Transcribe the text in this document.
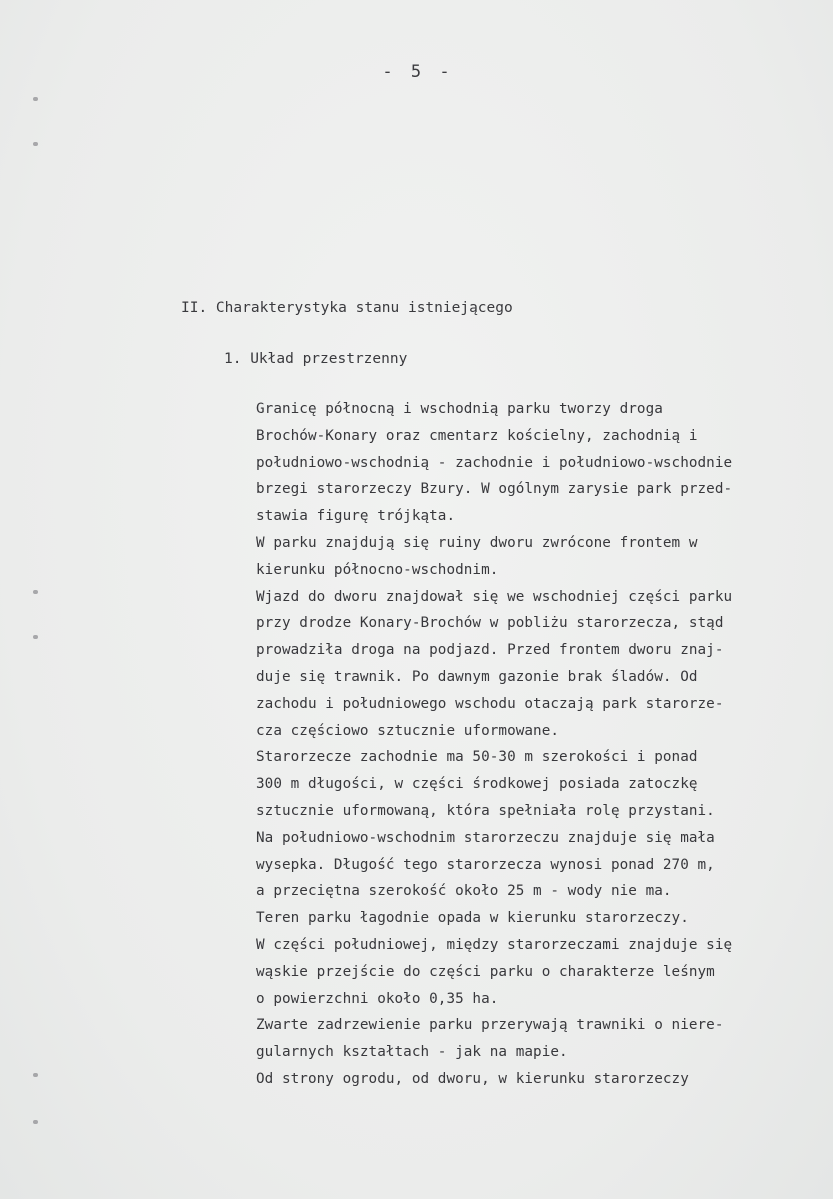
- 5 -
II. Charakterystyka stanu istniejącego
1. Układ przestrzenny
Granicę północną i wschodnią parku tworzy droga
Brochów-Konary oraz cmentarz kościelny, zachodnią i
południowo-wschodnią - zachodnie i południowo-wschodnie
brzegi starorzeczy Bzury. W ogólnym zarysie park przed-
stawia figurę trójkąta.
W parku znajdują się ruiny dworu zwrócone frontem w
kierunku północno-wschodnim.
Wjazd do dworu znajdował się we wschodniej części parku
przy drodze Konary-Brochów w pobliżu starorzecza, stąd
prowadziła droga na podjazd. Przed frontem dworu znaj-
duje się trawnik. Po dawnym gazonie brak śladów. Od
zachodu i południowego wschodu otaczają park starorze-
cza częściowo sztucznie uformowane.
Starorzecze zachodnie ma 50-30 m szerokości i ponad
300 m długości, w części środkowej posiada zatoczkę
sztucznie uformowaną, która spełniała rolę przystani.
Na południowo-wschodnim starorzeczu znajduje się mała
wysepka. Długość tego starorzecza wynosi ponad 270 m,
a przeciętna szerokość około 25 m - wody nie ma.
Teren parku łagodnie opada w kierunku starorzeczy.
W części południowej, między starorzeczami znajduje się
wąskie przejście do części parku o charakterze leśnym
o powierzchni około 0,35 ha.
Zwarte zadrzewienie parku przerywają trawniki o niere-
gularnych kształtach - jak na mapie.
Od strony ogrodu, od dworu, w kierunku starorzeczy
